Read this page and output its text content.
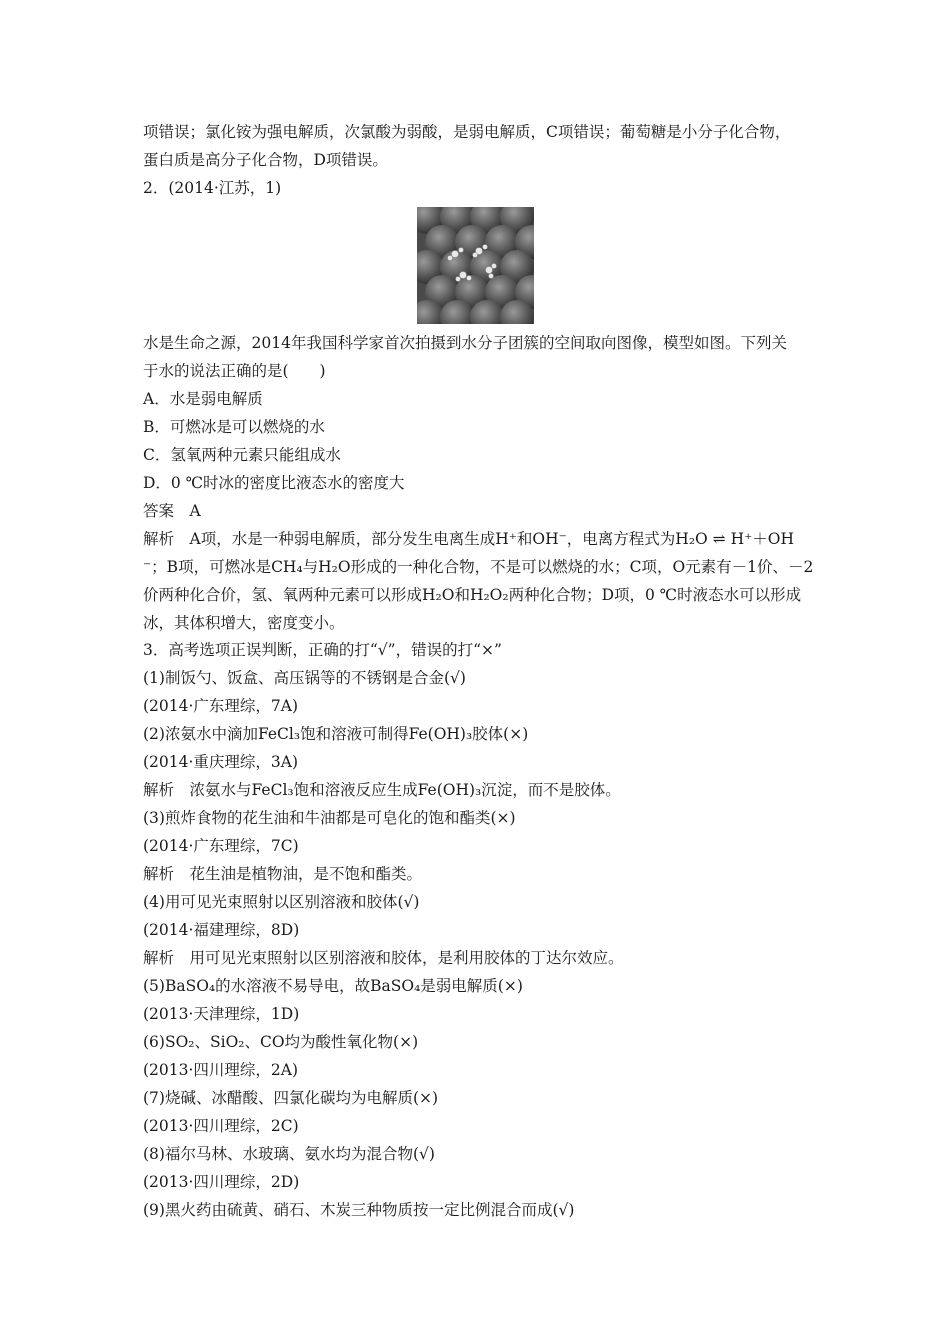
项错误；氯化铵为强电解质，次氯酸为弱酸，是弱电解质，C项错误；葡萄糖是小分子化合物，
蛋白质是高分子化合物，D项错误。
2．(2014·江苏，1)
水是生命之源，2014年我国科学家首次拍摄到水分子团簇的空间取向图像，模型如图。下列关
于水的说法正确的是(　　)
A．水是弱电解质
B．可燃冰是可以燃烧的水
C．氢氧两种元素只能组成水
D．0 ℃时冰的密度比液态水的密度大
答案　A
解析　A项，水是一种弱电解质，部分发生电离生成H⁺和OH⁻，电离方程式为H₂O ⇌ H⁺＋OH
⁻；B项，可燃冰是CH₄与H₂O形成的一种化合物，不是可以燃烧的水；C项，O元素有－1价、－2
价两种化合价，氢、氧两种元素可以形成H₂O和H₂O₂两种化合物；D项，0 ℃时液态水可以形成
冰，其体积增大，密度变小。
3．高考选项正误判断，正确的打“√”，错误的打“×”
(1)制饭勺、饭盒、高压锅等的不锈钢是合金(√)
(2014·广东理综，7A)
(2)浓氨水中滴加FeCl₃饱和溶液可制得Fe(OH)₃胶体(×)
(2014·重庆理综，3A)
解析　浓氨水与FeCl₃饱和溶液反应生成Fe(OH)₃沉淀，而不是胶体。
(3)煎炸食物的花生油和牛油都是可皂化的饱和酯类(×)
(2014·广东理综，7C)
解析　花生油是植物油，是不饱和酯类。
(4)用可见光束照射以区别溶液和胶体(√)
(2014·福建理综，8D)
解析　用可见光束照射以区别溶液和胶体，是利用胶体的丁达尔效应。
(5)BaSO₄的水溶液不易导电，故BaSO₄是弱电解质(×)
(2013·天津理综，1D)
(6)SO₂、SiO₂、CO均为酸性氧化物(×)
(2013·四川理综，2A)
(7)烧碱、冰醋酸、四氯化碳均为电解质(×)
(2013·四川理综，2C)
(8)福尔马林、水玻璃、氨水均为混合物(√)
(2013·四川理综，2D)
(9)黑火药由硫黄、硝石、木炭三种物质按一定比例混合而成(√)
